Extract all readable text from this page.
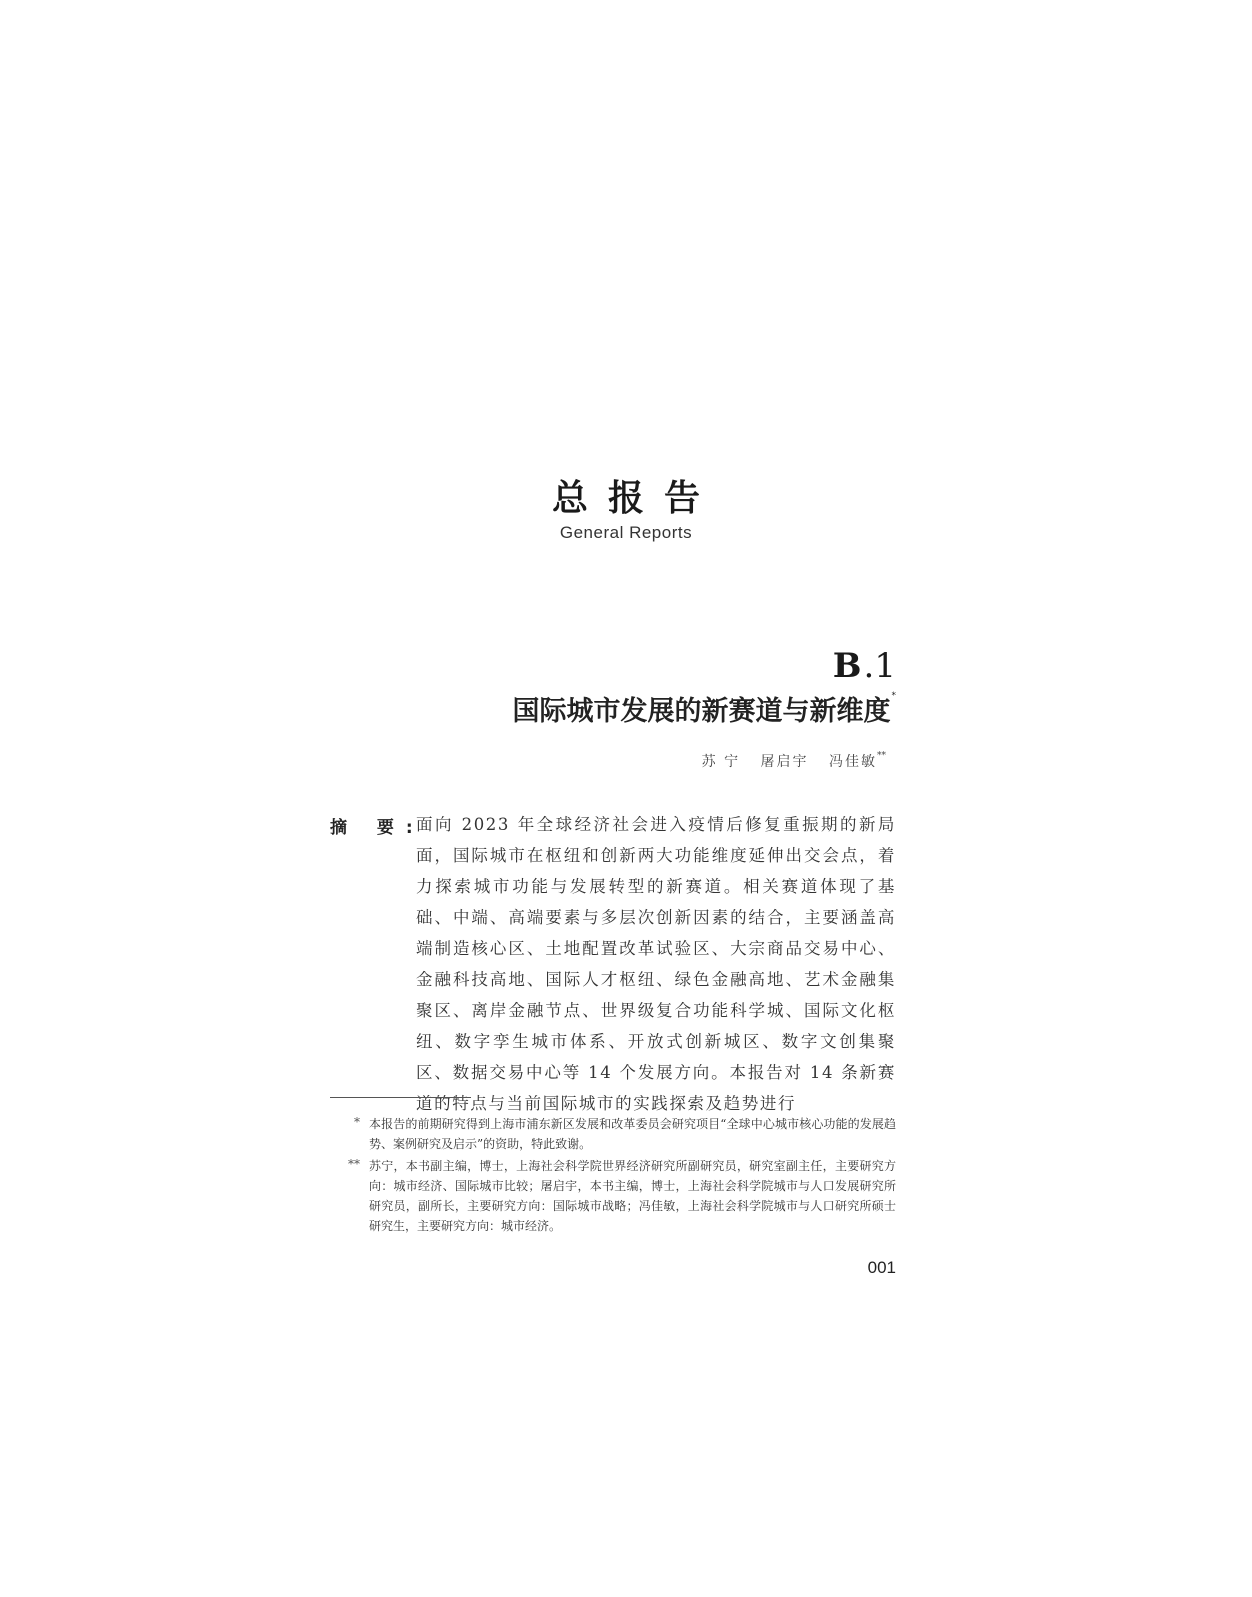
总报告
General Reports
B.1
国际城市发展的新赛道与新维度*
苏 宁 屠启宇 冯佳敏**
摘 要:
面向 2023 年全球经济社会进入疫情后修复重振期的新局面，国际城市在枢纽和创新两大功能维度延伸出交会点，着力探索城市功能与发展转型的新赛道。相关赛道体现了基础、中端、高端要素与多层次创新因素的结合，主要涵盖高端制造核心区、土地配置改革试验区、大宗商品交易中心、金融科技高地、国际人才枢纽、绿色金融高地、艺术金融集聚区、离岸金融节点、世界级复合功能科学城、国际文化枢纽、数字孪生城市体系、开放式创新城区、数字文创集聚区、数据交易中心等 14 个发展方向。本报告对 14 条新赛道的特点与当前国际城市的实践探索及趋势进行
* 本报告的前期研究得到上海市浦东新区发展和改革委员会研究项目“全球中心城市核心功能的发展趋势、案例研究及启示”的资助，特此致谢。
** 苏宁，本书副主编，博士，上海社会科学院世界经济研究所副研究员，研究室副主任，主要研究方向：城市经济、国际城市比较；屠启宇，本书主编，博士，上海社会科学院城市与人口发展研究所研究员，副所长，主要研究方向：国际城市战略；冯佳敏，上海社会科学院城市与人口研究所硕士研究生，主要研究方向：城市经济。
001
